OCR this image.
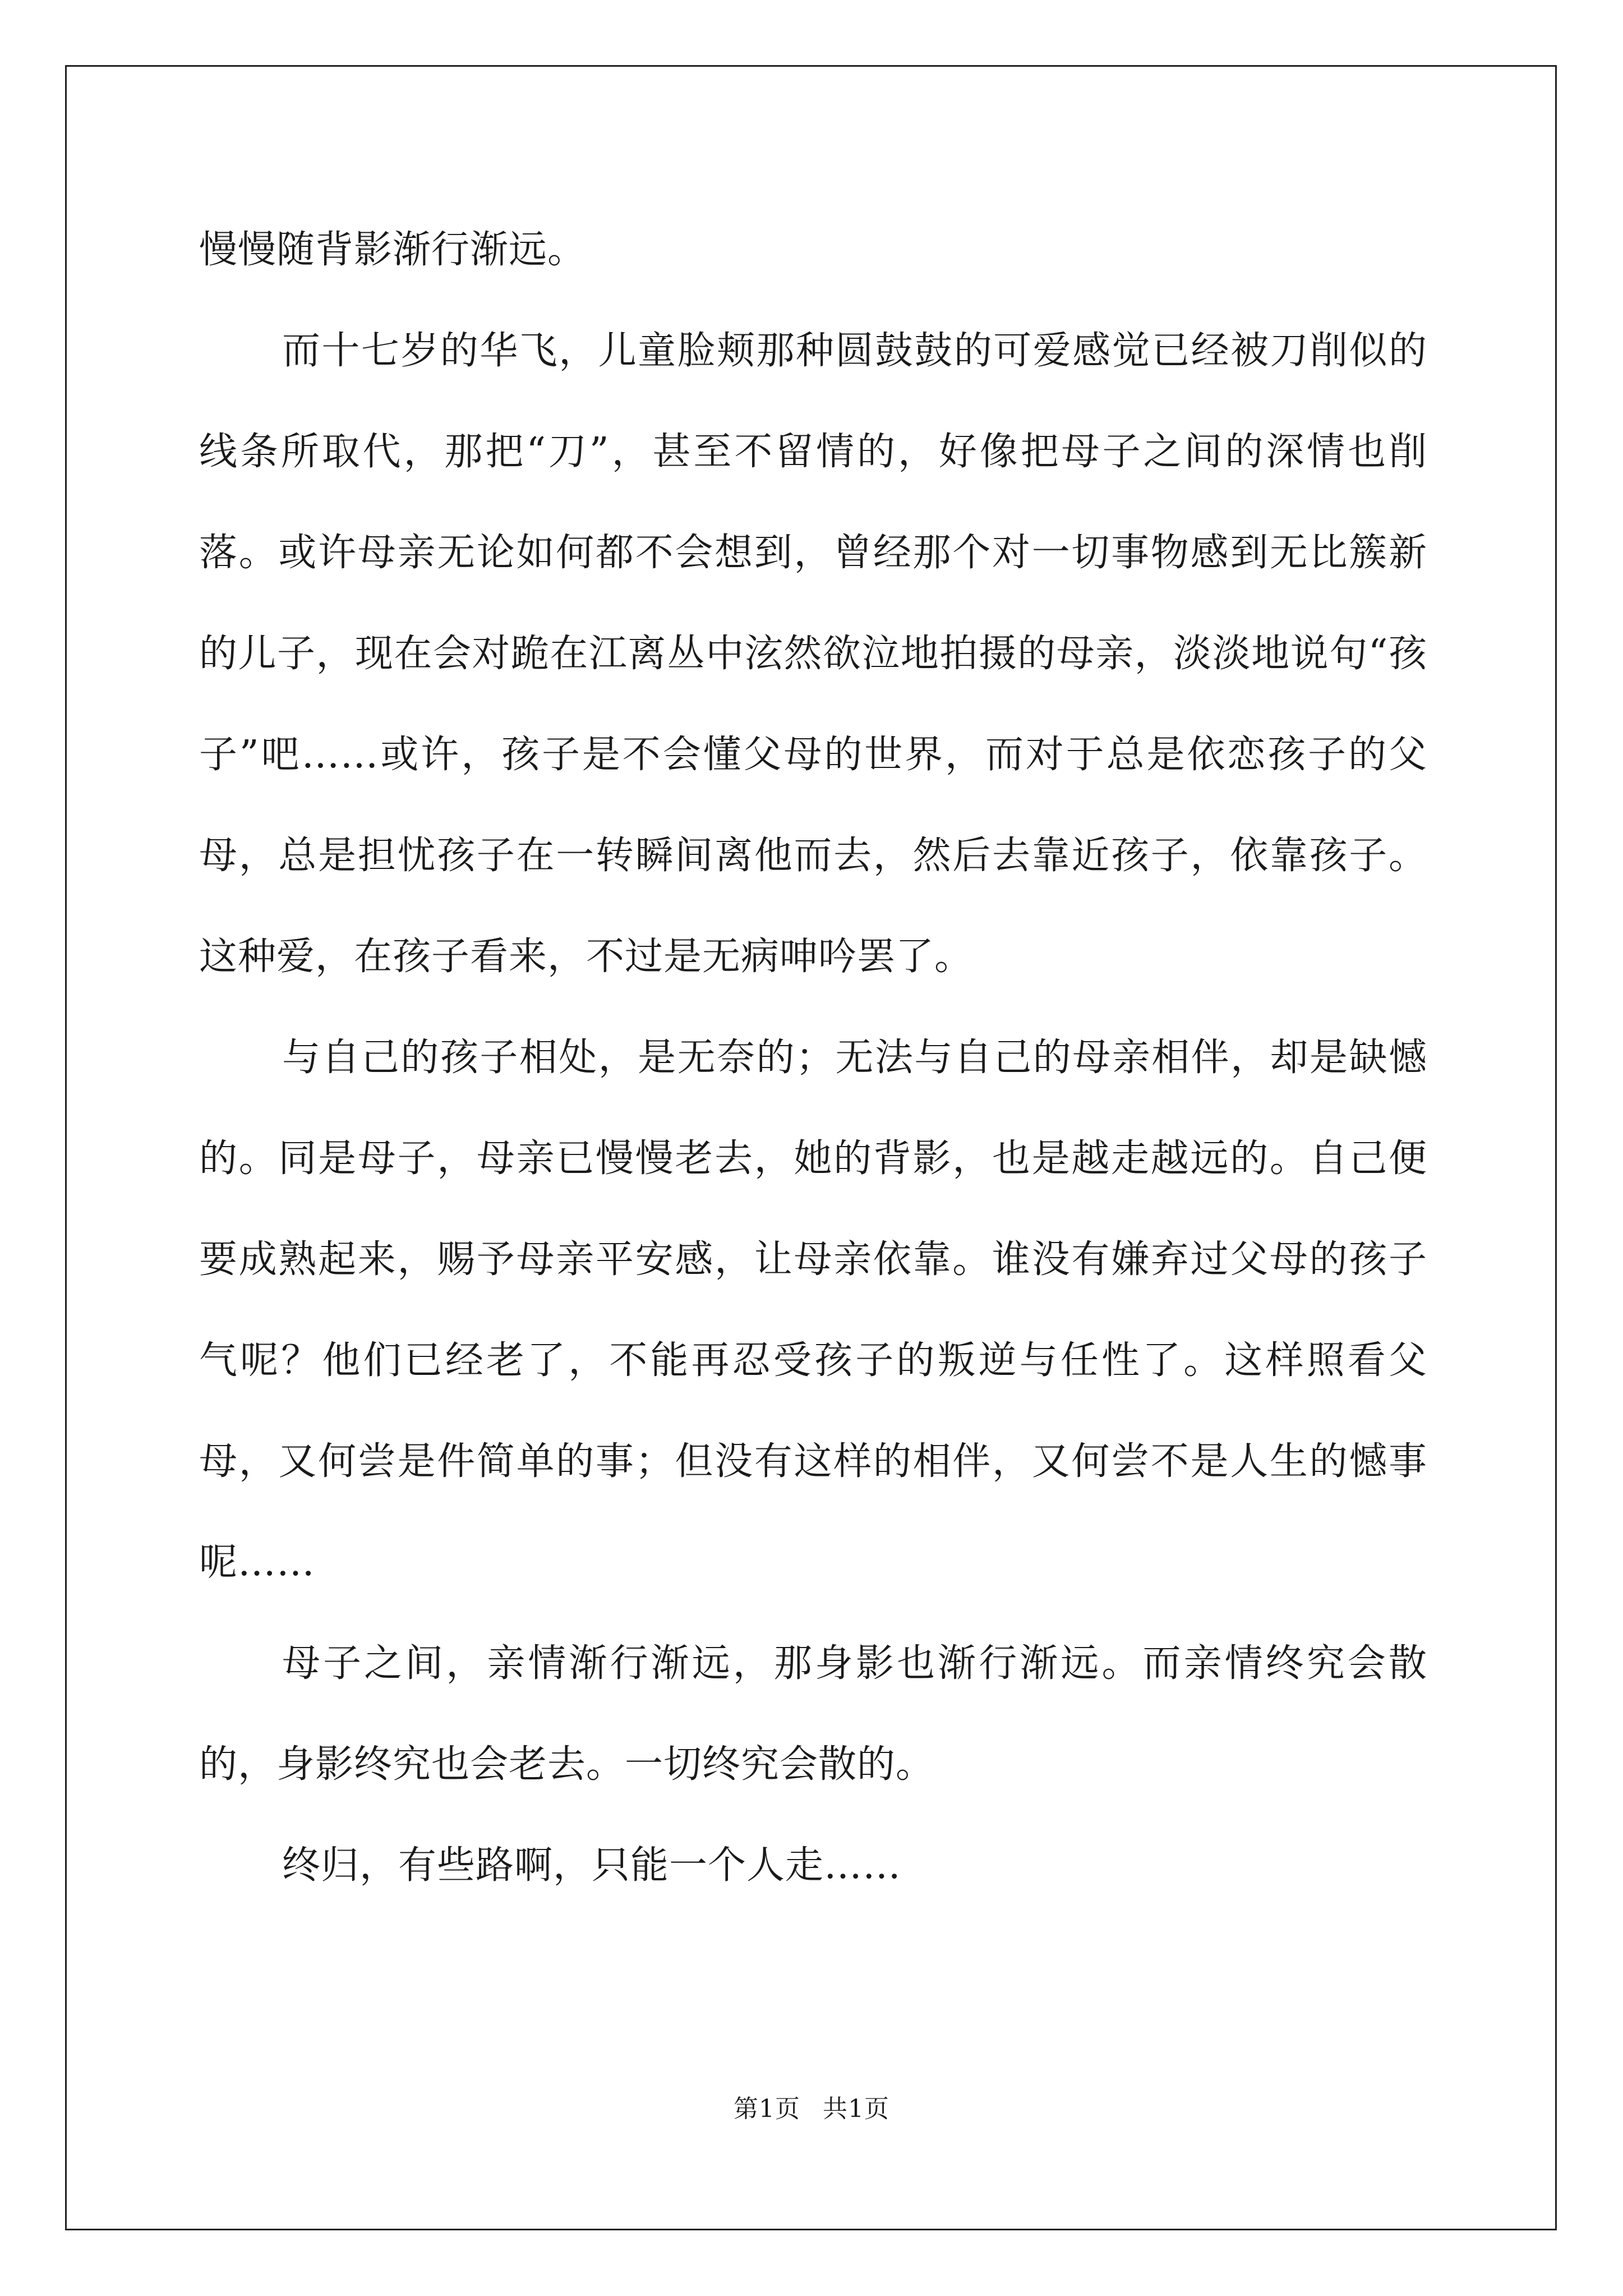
慢慢随背影渐行渐远。

而十七岁的华飞，儿童脸颊那种圆鼓鼓的可爱感觉已经被刀削似的线条所取代，那把“刀”，甚至不留情的，好像把母子之间的深情也削落。或许母亲无论如何都不会想到，曾经那个对一切事物感到无比簇新的儿子，现在会对跪在江离丛中泫然欲泣地拍摄的母亲，淡淡地说句“孩子”吧……或许，孩子是不会懂父母的世界，而对于总是依恋孩子的父母，总是担忧孩子在一转瞬间离他而去，然后去靠近孩子，依靠孩子。这种爱，在孩子看来，不过是无病呻吟罢了。

与自己的孩子相处，是无奈的；无法与自己的母亲相伴，却是缺憾的。同是母子，母亲已慢慢老去，她的背影，也是越走越远的。自己便要成熟起来，赐予母亲平安感，让母亲依靠。谁没有嫌弃过父母的孩子气呢？他们已经老了，不能再忍受孩子的叛逆与任性了。这样照看父母，又何尝是件简单的事；但没有这样的相伴，又何尝不是人生的憾事呢……

母子之间，亲情渐行渐远，那身影也渐行渐远。而亲情终究会散的，身影终究也会老去。一切终究会散的。

终归，有些路啊，只能一个人走……

第1页 共1页
